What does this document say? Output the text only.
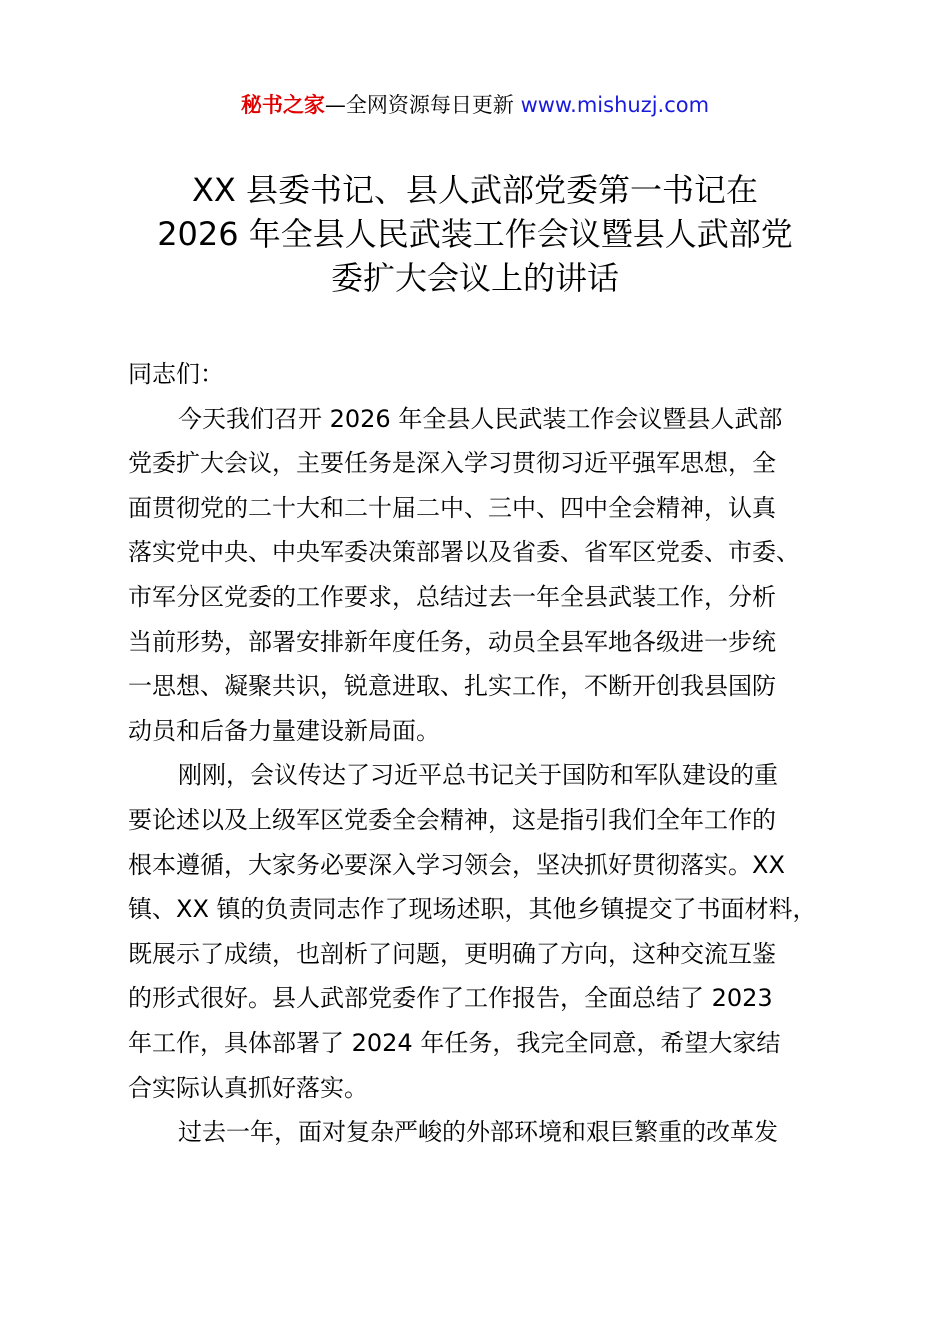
秘书之家—全网资源每日更新 www.mishuzj.com
XX 县委书记、县人武部党委第一书记在
2026 年全县人民武装工作会议暨县人武部党
委扩大会议上的讲话
同志们：
今天我们召开 2026 年全县人民武装工作会议暨县人武部
党委扩大会议，主要任务是深入学习贯彻习近平强军思想，全
面贯彻党的二十大和二十届二中、三中、四中全会精神，认真
落实党中央、中央军委决策部署以及省委、省军区党委、市委、
市军分区党委的工作要求，总结过去一年全县武装工作，分析
当前形势，部署安排新年度任务，动员全县军地各级进一步统
一思想、凝聚共识，锐意进取、扎实工作，不断开创我县国防
动员和后备力量建设新局面。
刚刚，会议传达了习近平总书记关于国防和军队建设的重
要论述以及上级军区党委全会精神，这是指引我们全年工作的
根本遵循，大家务必要深入学习领会，坚决抓好贯彻落实。XX
镇、XX 镇的负责同志作了现场述职，其他乡镇提交了书面材料，
既展示了成绩，也剖析了问题，更明确了方向，这种交流互鉴
的形式很好。县人武部党委作了工作报告，全面总结了 2023
年工作，具体部署了 2024 年任务，我完全同意，希望大家结
合实际认真抓好落实。
过去一年，面对复杂严峻的外部环境和艰巨繁重的改革发
